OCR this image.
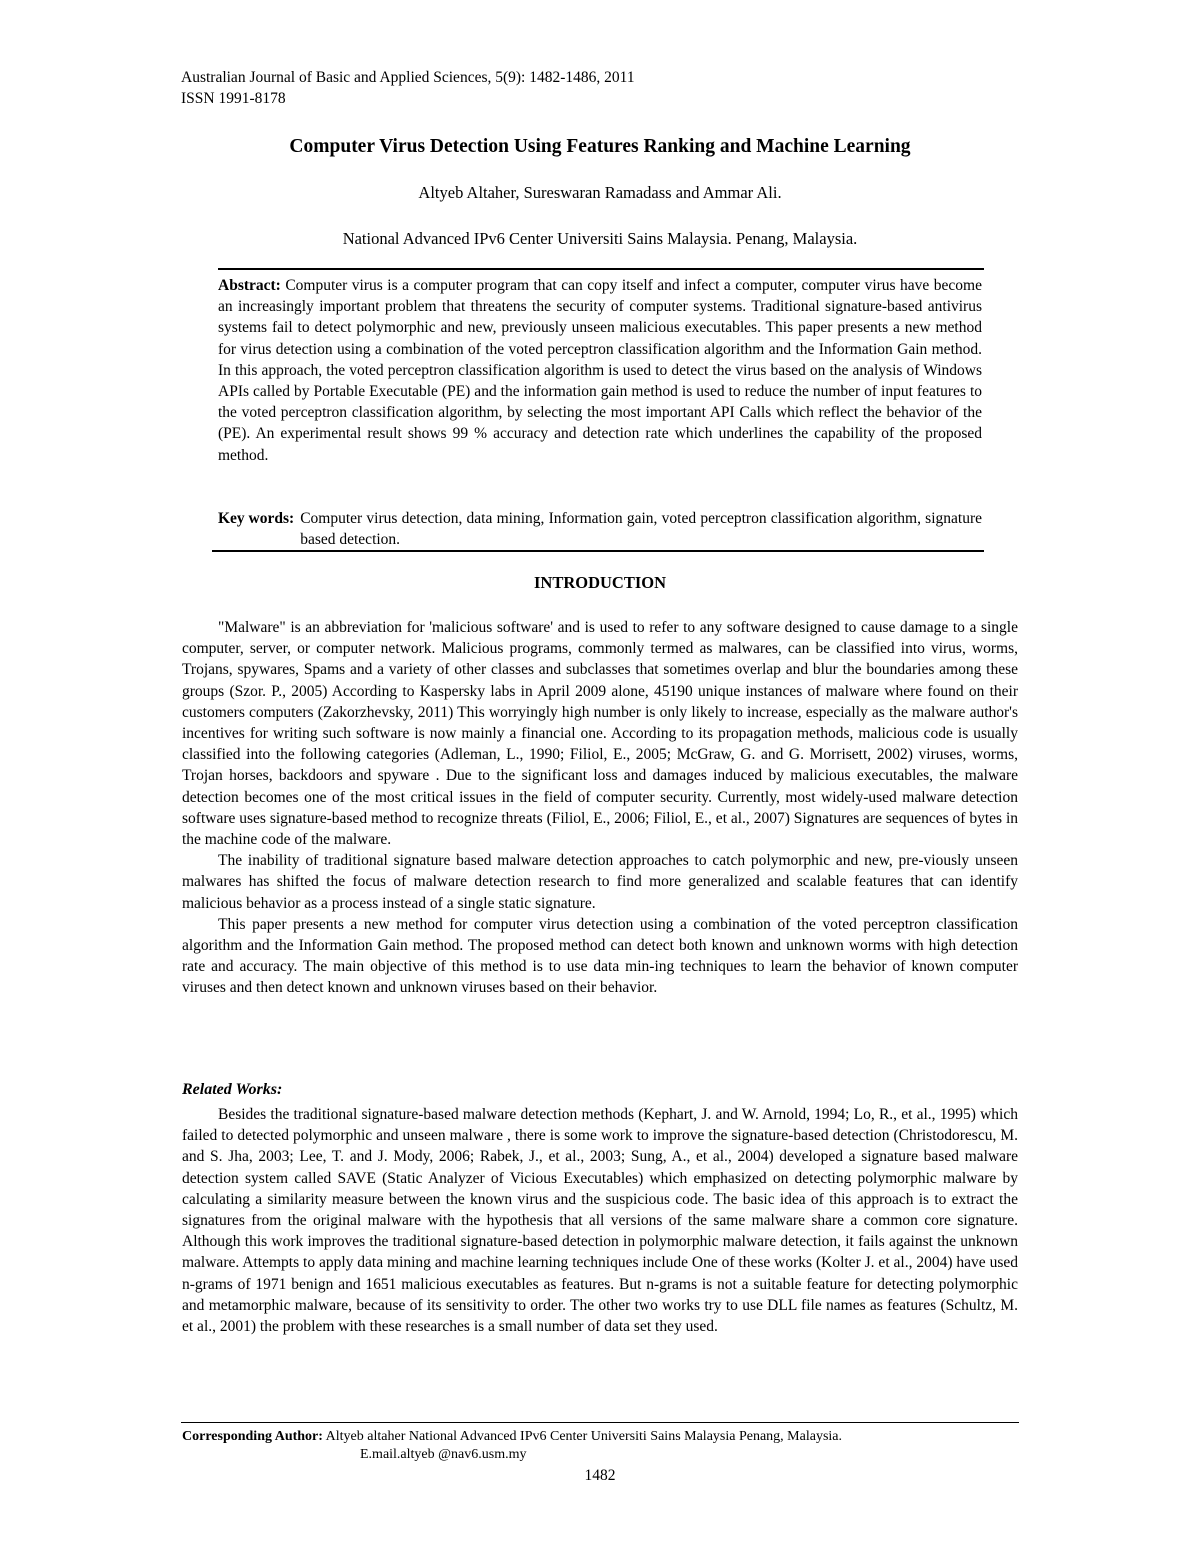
Australian Journal of Basic and Applied Sciences, 5(9): 1482-1486, 2011
ISSN 1991-8178
Computer Virus Detection Using Features Ranking and Machine Learning
Altyeb Altaher, Sureswaran Ramadass and Ammar Ali.
National Advanced IPv6 Center Universiti Sains Malaysia. Penang, Malaysia.
Abstract: Computer virus is a computer program that can copy itself and infect a computer, computer virus have become an increasingly important problem that threatens the security of computer systems. Traditional signature-based antivirus systems fail to detect polymorphic and new, previously unseen malicious executables. This paper presents a new method for virus detection using a combination of the voted perceptron classification algorithm and the Information Gain method. In this approach, the voted perceptron classification algorithm is used to detect the virus based on the analysis of Windows APIs called by Portable Executable (PE) and the information gain method is used to reduce the number of input features to the voted perceptron classification algorithm, by selecting the most important API Calls which reflect the behavior of the (PE). An experimental result shows 99 % accuracy and detection rate which underlines the capability of the proposed method.
Key words: Computer virus detection, data mining, Information gain, voted perceptron classification algorithm, signature based detection.
INTRODUCTION

"Malware" is an abbreviation for 'malicious software' and is used to refer to any software designed to cause damage to a single computer, server, or computer network. Malicious programs, commonly termed as malwares, can be classified into virus, worms, Trojans, spywares, Spams and a variety of other classes and subclasses that sometimes overlap and blur the boundaries among these groups (Szor. P., 2005) According to Kaspersky labs in April 2009 alone, 45190 unique instances of malware where found on their customers computers (Zakorzhevsky, 2011) This worryingly high number is only likely to increase, especially as the malware author's incentives for writing such software is now mainly a financial one. According to its propagation methods, malicious code is usually classified into the following categories (Adleman, L., 1990; Filiol, E., 2005; McGraw, G. and G. Morrisett, 2002) viruses, worms, Trojan horses, backdoors and spyware . Due to the significant loss and damages induced by malicious executables, the malware detection becomes one of the most critical issues in the field of computer security. Currently, most widely-used malware detection software uses signature-based method to recognize threats (Filiol, E., 2006; Filiol, E., et al., 2007) Signatures are sequences of bytes in the machine code of the malware.

The inability of traditional signature based malware detection approaches to catch polymorphic and new, pre-viously unseen malwares has shifted the focus of malware detection research to find more generalized and scalable features that can identify malicious behavior as a process instead of a single static signature.

This paper presents a new method for computer virus detection using a combination of the voted perceptron classification algorithm and the Information Gain method. The proposed method can detect both known and unknown worms with high detection rate and accuracy. The main objective of this method is to use data min-ing techniques to learn the behavior of known computer viruses and then detect known and unknown viruses based on their behavior.

Related Works:

Besides the traditional signature-based malware detection methods (Kephart, J. and W. Arnold, 1994; Lo, R., et al., 1995) which failed to detected polymorphic and unseen malware , there is some work to improve the signature-based detection (Christodorescu, M. and S. Jha, 2003; Lee, T. and J. Mody, 2006; Rabek, J., et al., 2003; Sung, A., et al., 2004) developed a signature based malware detection system called SAVE (Static Analyzer of Vicious Executables) which emphasized on detecting polymorphic malware by calculating a similarity measure between the known virus and the suspicious code. The basic idea of this approach is to extract the signatures from the original malware with the hypothesis that all versions of the same malware share a common core signature. Although this work improves the traditional signature-based detection in polymorphic malware detection, it fails against the unknown malware. Attempts to apply data mining and machine learning techniques include One of these works (Kolter J. et al., 2004) have used n-grams of 1971 benign and 1651 malicious executables as features. But n-grams is not a suitable feature for detecting polymorphic and metamorphic malware, because of its sensitivity to order. The other two works try to use DLL file names as features (Schultz, M. et al., 2001) the problem with these researches is a small number of data set they used.

Corresponding Author: Altyeb altaher National Advanced IPv6 Center Universiti Sains Malaysia Penang, Malaysia.
E.mail.altyeb @nav6.usm.my
1482
